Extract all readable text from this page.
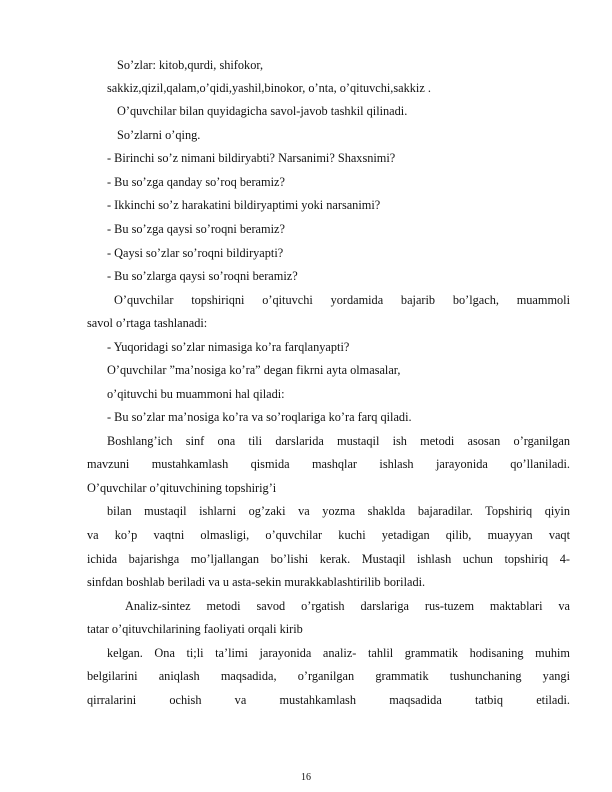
So’zlar: kitob,qurdi, shifokor,
sakkiz,qizil,qalam,o’qidi,yashil,binokor, o’nta, o’qituvchi,sakkiz .
O’quvchilar bilan quyidagicha savol-javob tashkil qilinadi.
So’zlarni o’qing.
- Birinchi so’z nimani bildiryabti? Narsanimi? Shaxsnimi?
- Bu so’zga qanday so’roq beramiz?
- Ikkinchi so’z harakatini bildiryaptimi yoki narsanimi?
- Bu so’zga qaysi so’roqni beramiz?
- Qaysi so’zlar so’roqni bildiryapti?
- Bu so’zlarga qaysi so’roqni beramiz?
O’quvchilar topshiriqni o’qituvchi yordamida bajarib bo’lgach, muammoli
savol o’rtaga tashlanadi:
- Yuqoridagi so’zlar nimasiga ko’ra farqlanyapti?
O’quvchilar ”ma’nosiga ko’ra” degan fikrni ayta olmasalar,
o’qituvchi bu muammoni hal qiladi:
- Bu so’zlar ma’nosiga ko’ra va so’roqlariga ko’ra farq qiladi.
Boshlang’ich sinf ona tili darslarida mustaqil ish metodi asosan o’rganilgan
mavzuni mustahkamlash qismida mashqlar ishlash jarayonida qo’llaniladi.
O’quvchilar o’qituvchining topshirig’i
bilan mustaqil ishlarni og’zaki va yozma shaklda bajaradilar. Topshiriq qiyin
va ko’p vaqtni olmasligi, o’quvchilar kuchi yetadigan qilib, muayyan vaqt
ichida bajarishga mo’ljallangan bo’lishi kerak. Mustaqil ishlash uchun topshiriq 4-
sinfdan boshlab beriladi va u asta-sekin murakkablashtirilib boriladi.
Analiz-sintez metodi savod o’rgatish darslariga rus-tuzem maktablari va
tatar o’qituvchilarining faoliyati orqali kirib
kelgan. Ona ti;li ta’limi jarayonida analiz- tahlil grammatik hodisaning muhim
belgilarini aniqlash maqsadida, o’rganilgan grammatik tushunchaning yangi
qirralarini ochish va mustahkamlash maqsadida tatbiq etiladi.
16
